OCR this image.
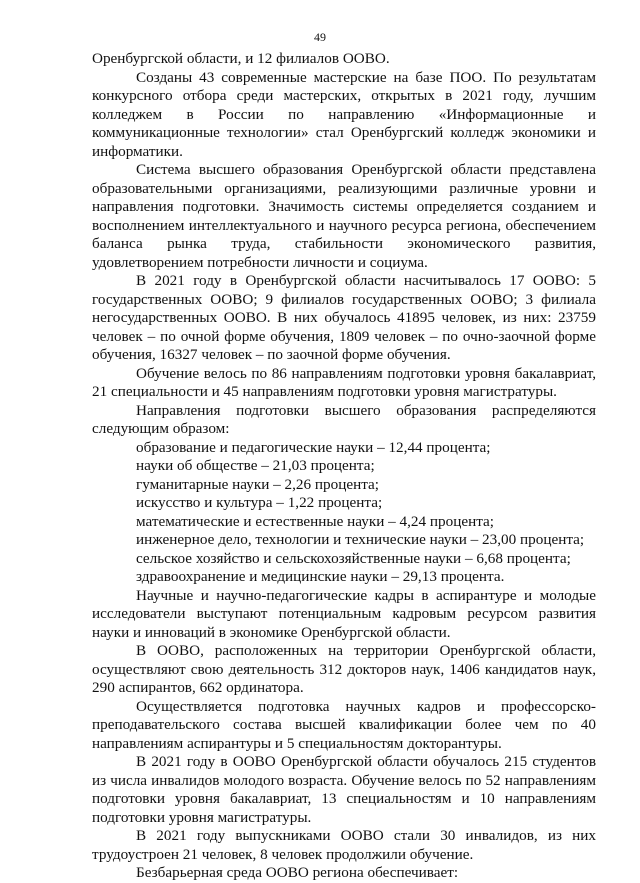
49

Оренбургской области, и 12 филиалов ООВО.

Созданы 43 современные мастерские на базе ПОО. По результатам конкурсного отбора среди мастерских, открытых в 2021 году, лучшим колледжем в России по направлению «Информационные и коммуникационные технологии» стал Оренбургский колледж экономики и информатики.

Система высшего образования Оренбургской области представлена образовательными организациями, реализующими различные уровни и направления подготовки. Значимость системы определяется созданием и восполнением интеллектуального и научного ресурса региона, обеспечением баланса рынка труда, стабильности экономического развития, удовлетворением потребности личности и социума.

В 2021 году в Оренбургской области насчитывалось 17 ООВО: 5 государственных ООВО; 9 филиалов государственных ООВО; 3 филиала негосударственных ООВО. В них обучалось 41895 человек, из них: 23759 человек – по очной форме обучения, 1809 человек – по очно-заочной форме обучения, 16327 человек – по заочной форме обучения.

Обучение велось по 86 направлениям подготовки уровня бакалавриат, 21 специальности и 45 направлениям подготовки уровня магистратуры.

Направления подготовки высшего образования распределяются следующим образом:

образование и педагогические науки – 12,44 процента;

науки об обществе – 21,03 процента;

гуманитарные науки – 2,26 процента;

искусство и культура – 1,22 процента;

математические и естественные науки – 4,24 процента;

инженерное дело, технологии и технические науки – 23,00 процента;

сельское хозяйство и сельскохозяйственные науки – 6,68 процента;

здравоохранение и медицинские науки – 29,13 процента.

Научные и научно-педагогические кадры в аспирантуре и молодые исследователи выступают потенциальным кадровым ресурсом развития науки и инноваций в экономике Оренбургской области.

В ООВО, расположенных на территории Оренбургской области, осуществляют свою деятельность 312 докторов наук, 1406 кандидатов наук, 290 аспирантов, 662 ординатора.

Осуществляется подготовка научных кадров и профессорско-преподавательского состава высшей квалификации более чем по 40 направлениям аспирантуры и 5 специальностям докторантуры.

В 2021 году в ООВО Оренбургской области обучалось 215 студентов из числа инвалидов молодого возраста. Обучение велось по 52 направлениям подготовки уровня бакалавриат, 13 специальностям и 10 направлениям подготовки уровня магистратуры.

В 2021 году выпускниками ООВО стали 30 инвалидов, из них трудоустроен 21 человек, 8 человек продолжили обучение.

Безбарьерная среда ООВО региона обеспечивает:
